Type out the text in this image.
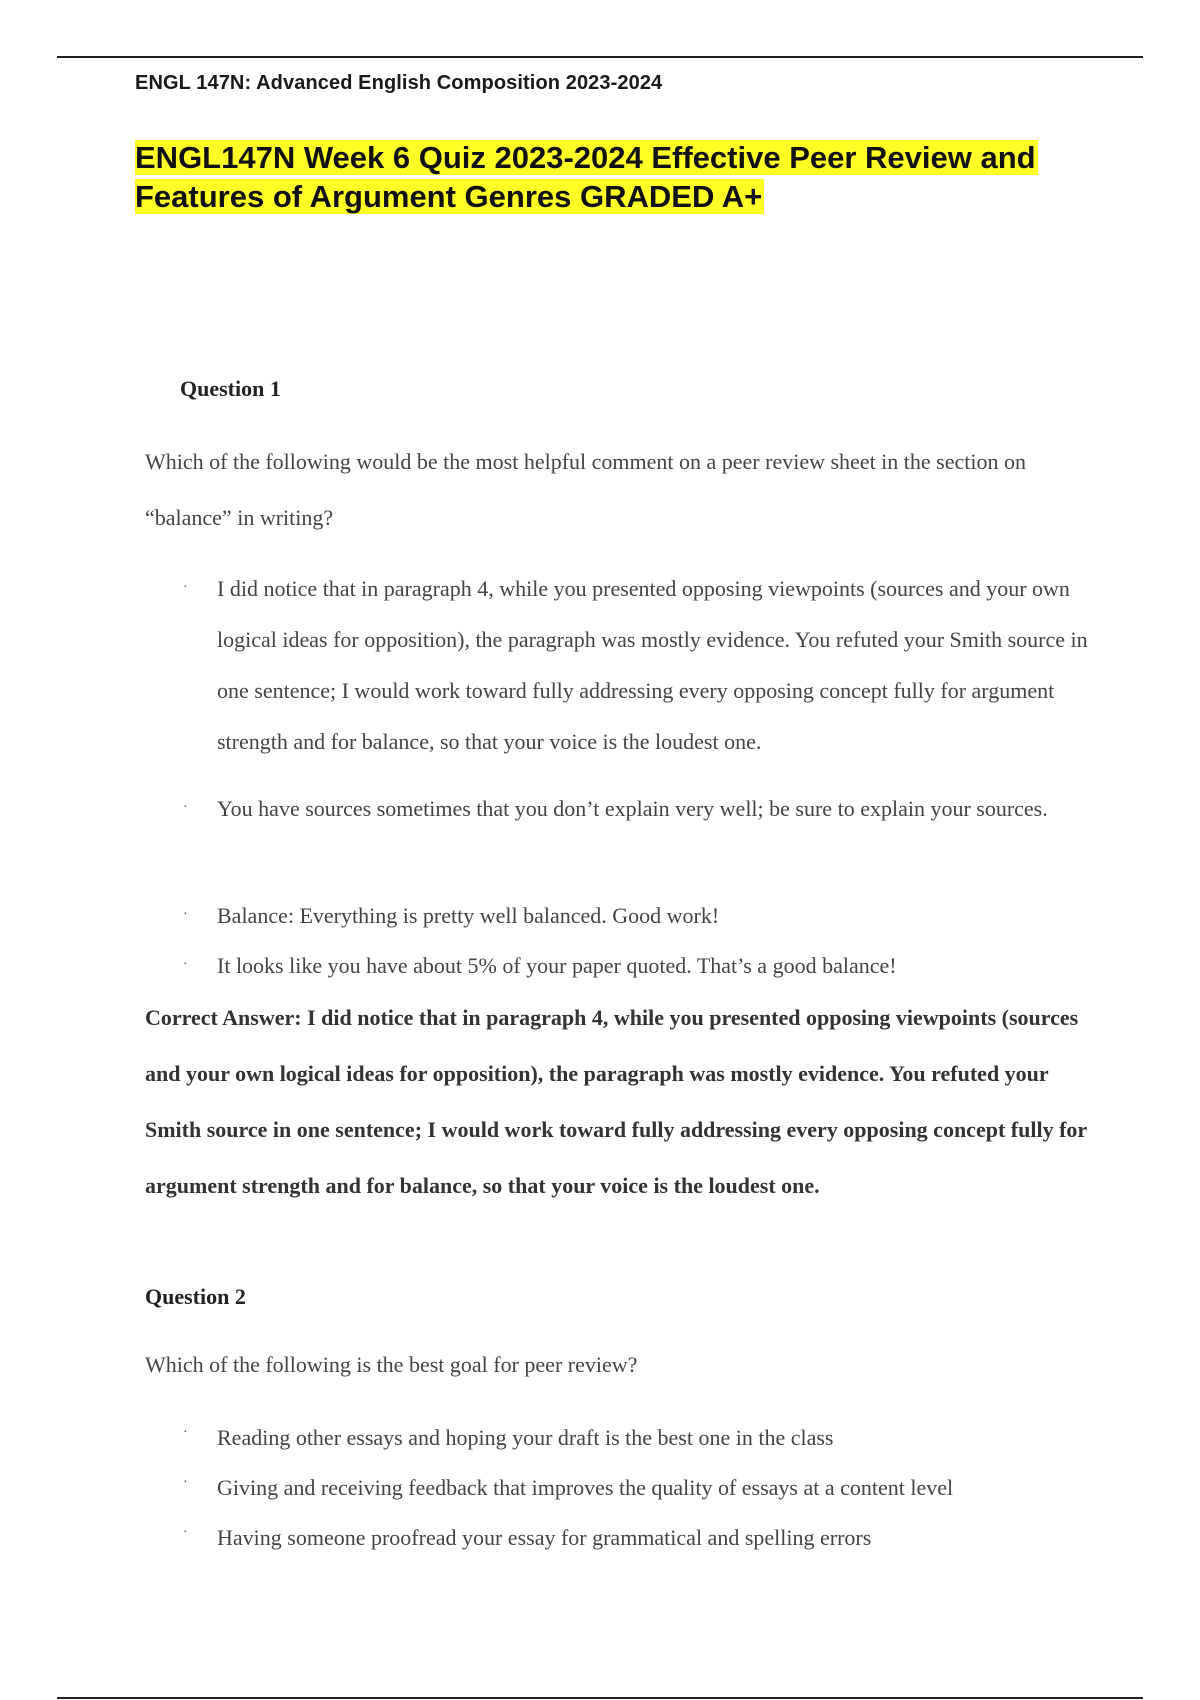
ENGL 147N: Advanced English Composition 2023-2024
ENGL147N Week 6 Quiz 2023-2024 Effective Peer Review and
Features of Argument Genres GRADED A+
Question 1
Which of the following would be the most helpful comment on a peer review sheet in the section on “balance” in writing?
· I did notice that in paragraph 4, while you presented opposing viewpoints (sources and your own logical ideas for opposition), the paragraph was mostly evidence. You refuted your Smith source in one sentence; I would work toward fully addressing every opposing concept fully for argument strength and for balance, so that your voice is the loudest one.
· You have sources sometimes that you don’t explain very well; be sure to explain your sources.
· Balance: Everything is pretty well balanced. Good work!
· It looks like you have about 5% of your paper quoted. That’s a good balance!
Correct Answer: I did notice that in paragraph 4, while you presented opposing viewpoints (sources and your own logical ideas for opposition), the paragraph was mostly evidence. You refuted your Smith source in one sentence; I would work toward fully addressing every opposing concept fully for argument strength and for balance, so that your voice is the loudest one.
Question 2
Which of the following is the best goal for peer review?
· Reading other essays and hoping your draft is the best one in the class
· Giving and receiving feedback that improves the quality of essays at a content level
· Having someone proofread your essay for grammatical and spelling errors
